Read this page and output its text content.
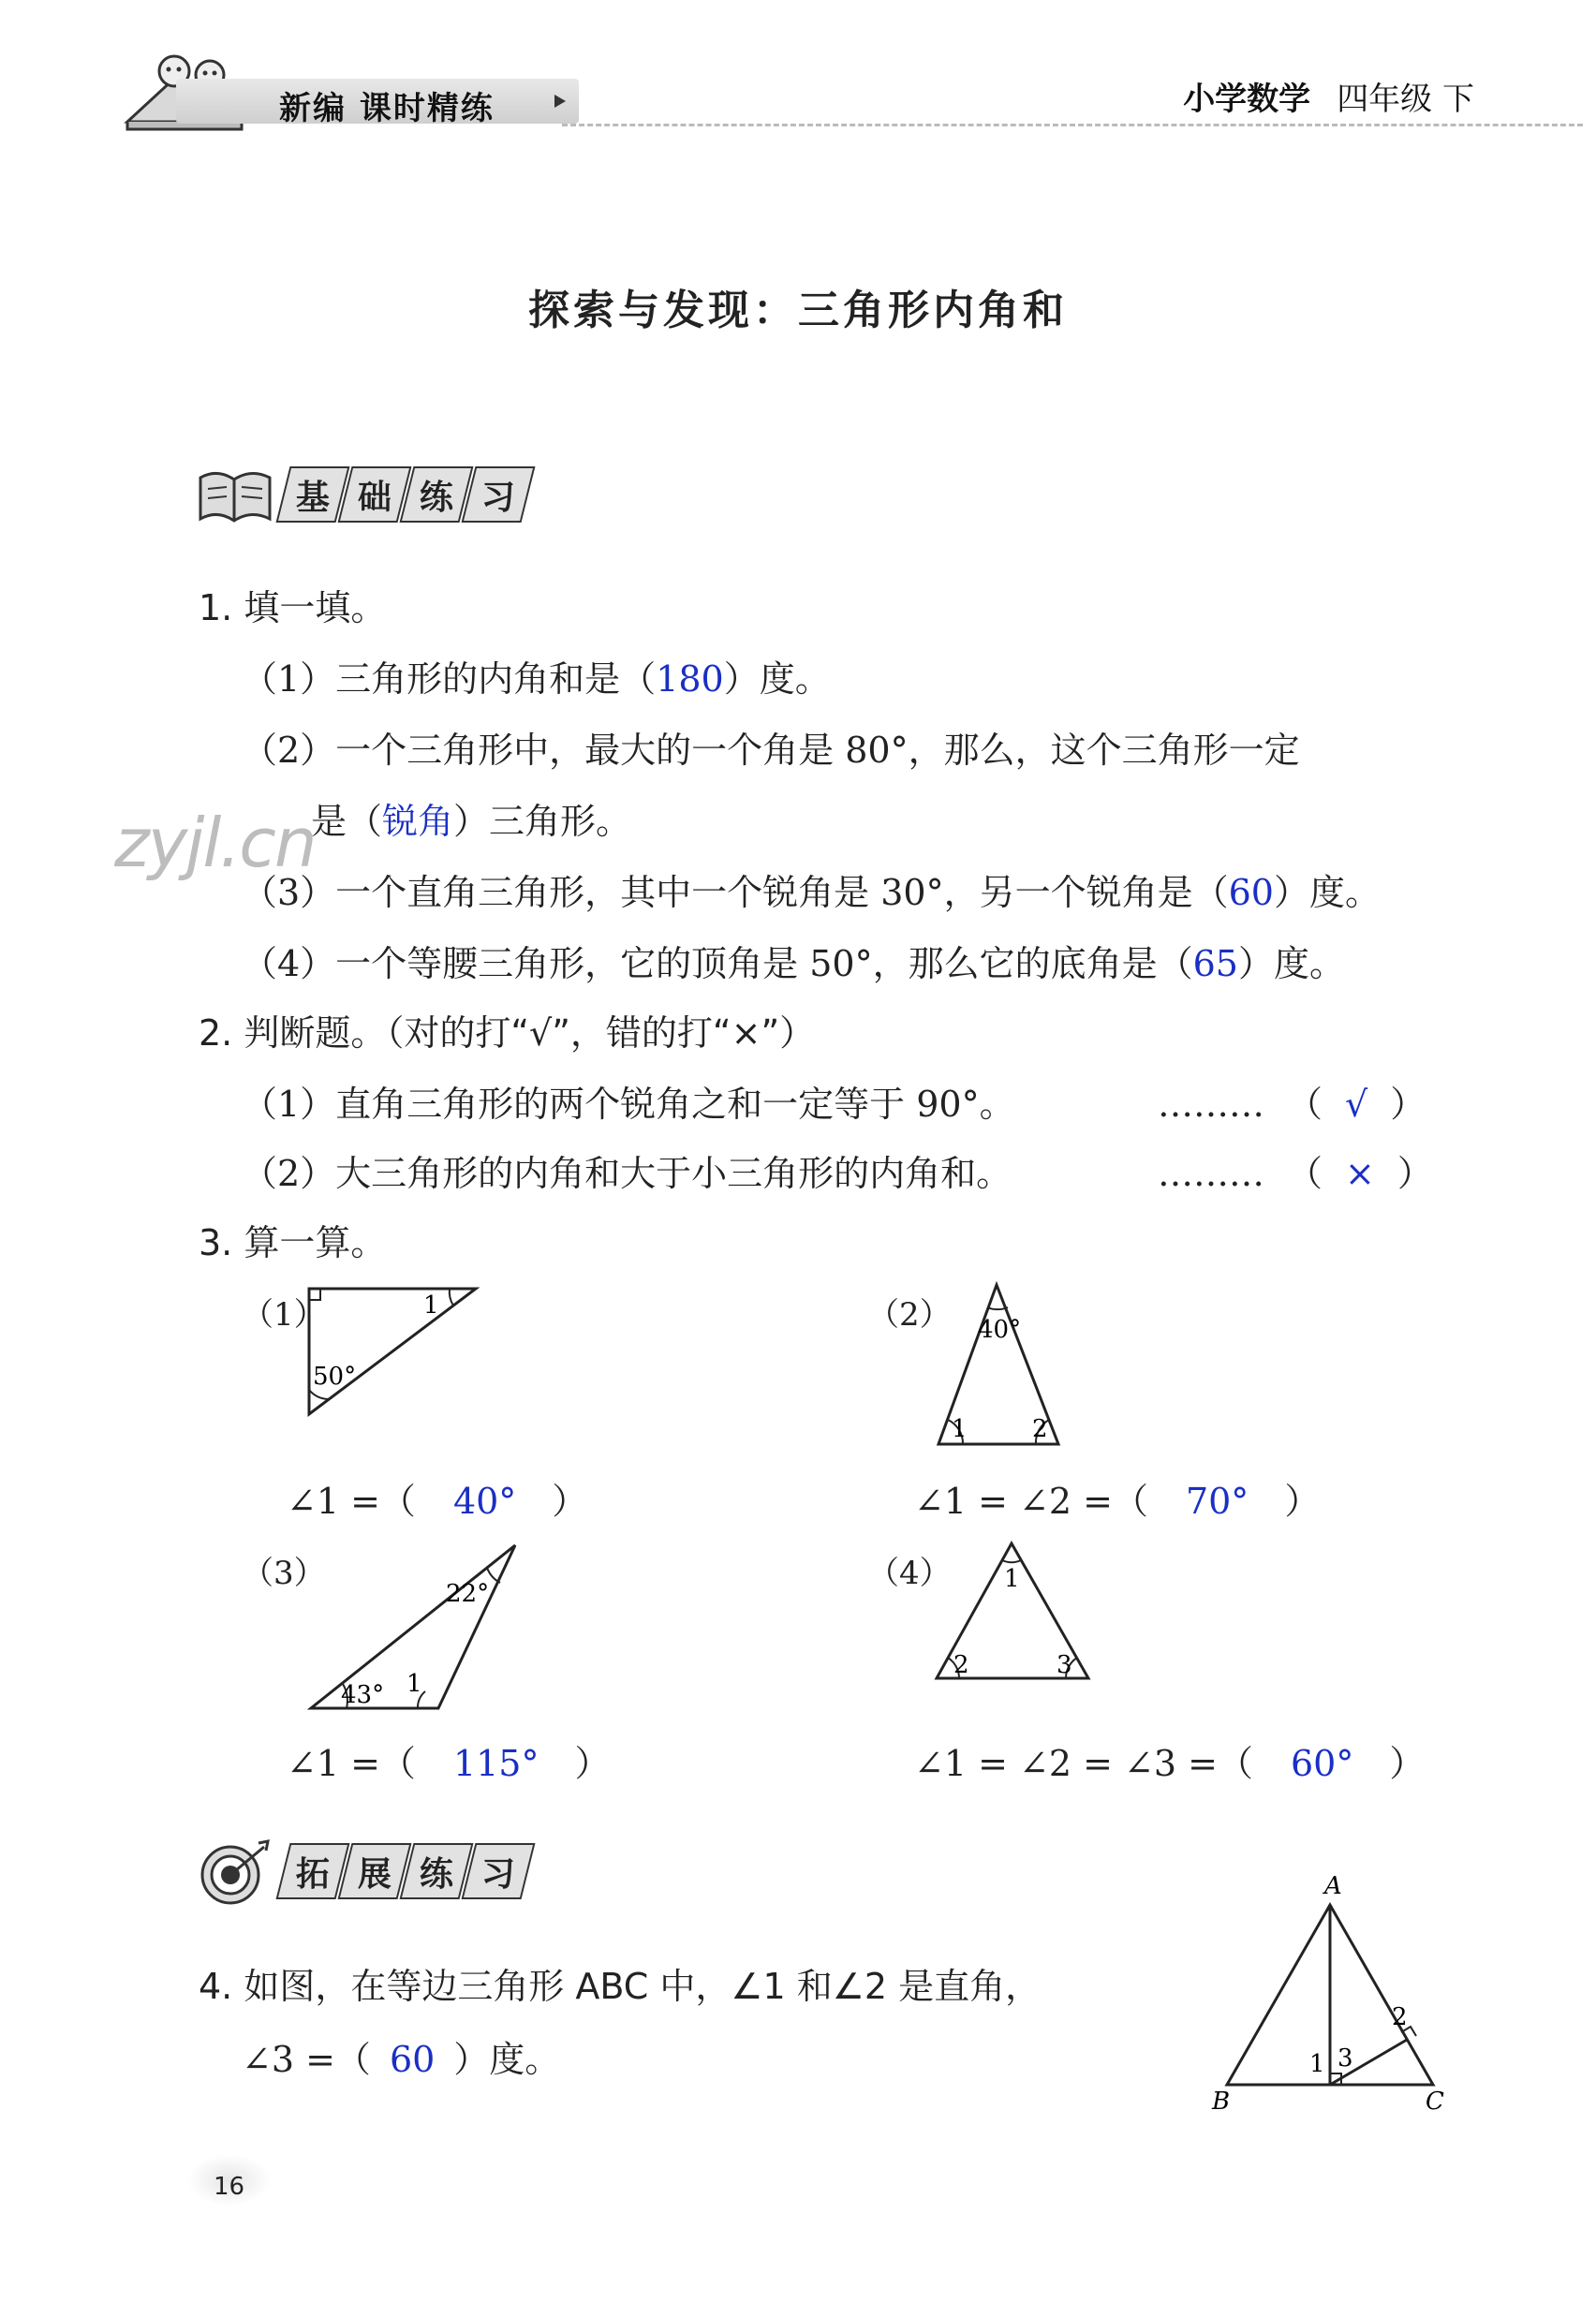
新编 课时精练	小学数学 四年级 下
探索与发现：三角形内角和
基 础 练 习
zyjl.cn
1. 填一填。
（1）三角形的内角和是（180）度。
（2）一个三角形中，最大的一个角是 80°，那么，这个三角形一定
是（锐角）三角形。
（3）一个直角三角形，其中一个锐角是 30°，另一个锐角是（60）度。
（4）一个等腰三角形，它的顶角是 50°，那么它的底角是（65）度。
2. 判断题。（对的打“√”，错的打“×”）
（1）直角三角形的两个锐角之和一定等于 90°。	……… （ √ ）
（2）大三角形的内角和大于小三角形的内角和。	……… （ × ）
3. 算一算。
（1）
50°
1
∠1 =（ 40° ）
（2） 40°
1	2
∠1 = ∠2 =（ 70° ）
（3）
22°
43° 1
∠1 =（ 115° ）
（4） 1
2	3
∠1 = ∠2 = ∠3 =（ 60° ）
拓 展 练 习
4. 如图，在等边三角形 ABC 中，∠1 和∠2 是直角，
∠3 =（ 60 ）度。
A
B	C
1
2
3
16
